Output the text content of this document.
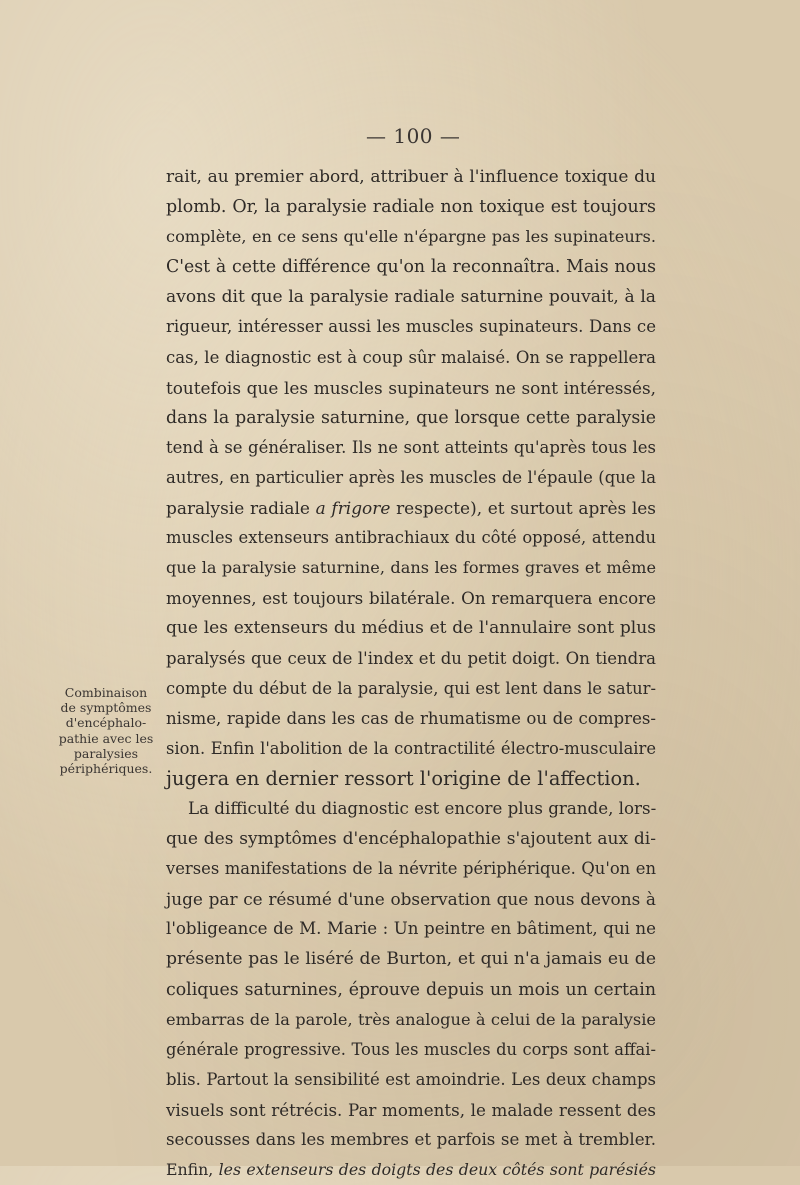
— 100 —
Combinaison
de symptômes
d'encéphalo-
pathie avec les
paralysies
périphériques.
rait, au premier abord, attribuer à l'influence toxique du
plomb. Or, la paralysie radiale non toxique est toujours
complète, en ce sens qu'elle n'épargne pas les supinateurs.
C'est à cette différence qu'on la reconnaîtra. Mais nous
avons dit que la paralysie radiale saturnine pouvait, à la
rigueur, intéresser aussi les muscles supinateurs. Dans ce
cas, le diagnostic est à coup sûr malaisé. On se rappellera
toutefois que les muscles supinateurs ne sont intéressés,
dans la paralysie saturnine, que lorsque cette paralysie
tend à se généraliser. Ils ne sont atteints qu'après tous les
autres, en particulier après les muscles de l'épaule (que la
paralysie radiale a frigore respecte), et surtout après les
muscles extenseurs antibrachiaux du côté opposé, attendu
que la paralysie saturnine, dans les formes graves et même
moyennes, est toujours bilatérale. On remarquera encore
que les extenseurs du médius et de l'annulaire sont plus
paralysés que ceux de l'index et du petit doigt. On tiendra
compte du début de la paralysie, qui est lent dans le satur-
nisme, rapide dans les cas de rhumatisme ou de compres-
sion. Enfin l'abolition de la contractilité électro-musculaire
jugera en dernier ressort l'origine de l'affection.
La difficulté du diagnostic est encore plus grande, lors-
que des symptômes d'encéphalopathie s'ajoutent aux di-
verses manifestations de la névrite périphérique. Qu'on en
juge par ce résumé d'une observation que nous devons à
l'obligeance de M. Marie : Un peintre en bâtiment, qui ne
présente pas le liséré de Burton, et qui n'a jamais eu de
coliques saturnines, éprouve depuis un mois un certain
embarras de la parole, très analogue à celui de la paralysie
générale progressive. Tous les muscles du corps sont affai-
blis. Partout la sensibilité est amoindrie. Les deux champs
visuels sont rétrécis. Par moments, le malade ressent des
secousses dans les membres et parfois se met à trembler.
Enfin, les extenseurs des doigts des deux côtés sont parésiés
